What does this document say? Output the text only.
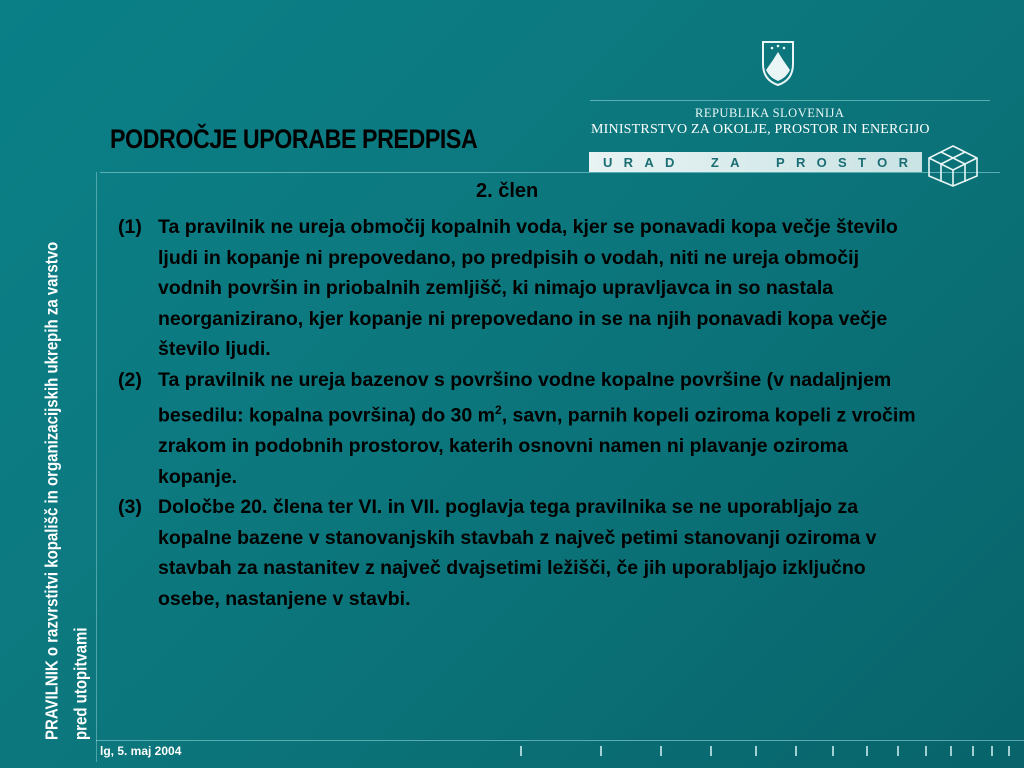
PODROČJE UPORABE PREDPISA
REPUBLIKA SLOVENIJA
MINISTRSTVO ZA OKOLJE, PROSTOR IN ENERGIJO
U R A D	Z A	P R O S T O R
PRAVILNIK o razvrstitvi kopališč in organizacijskih ukrepih za varstvo pred utopitvami
2. člen

(1) Ta pravilnik ne ureja območij kopalnih voda, kjer se ponavadi kopa večje število ljudi in kopanje ni prepovedano, po predpisih o vodah, niti ne ureja območij vodnih površin in priobalnih zemljišč, ki nimajo upravljavca in so nastala neorganizirano, kjer kopanje ni prepovedano in se na njih ponavadi kopa večje število ljudi.

(2) Ta pravilnik ne ureja bazenov s površino vodne kopalne površine (v nadaljnjem besedilu: kopalna površina) do 30 $m^2$, savn, parnih kopeli oziroma kopeli z vročim zrakom in podobnih prostorov, katerih osnovni namen ni plavanje oziroma kopanje.

(3) Določbe 20. člena ter VI. in VII. poglavja tega pravilnika se ne uporabljajo za kopalne bazene v stanovanjskih stavbah z največ petimi stanovanji oziroma v stavbah za nastanitev z največ dvajsetimi ležišči, če jih uporabljajo izključno osebe, nastanjene v stavbi.

lg, 5. maj 2004
